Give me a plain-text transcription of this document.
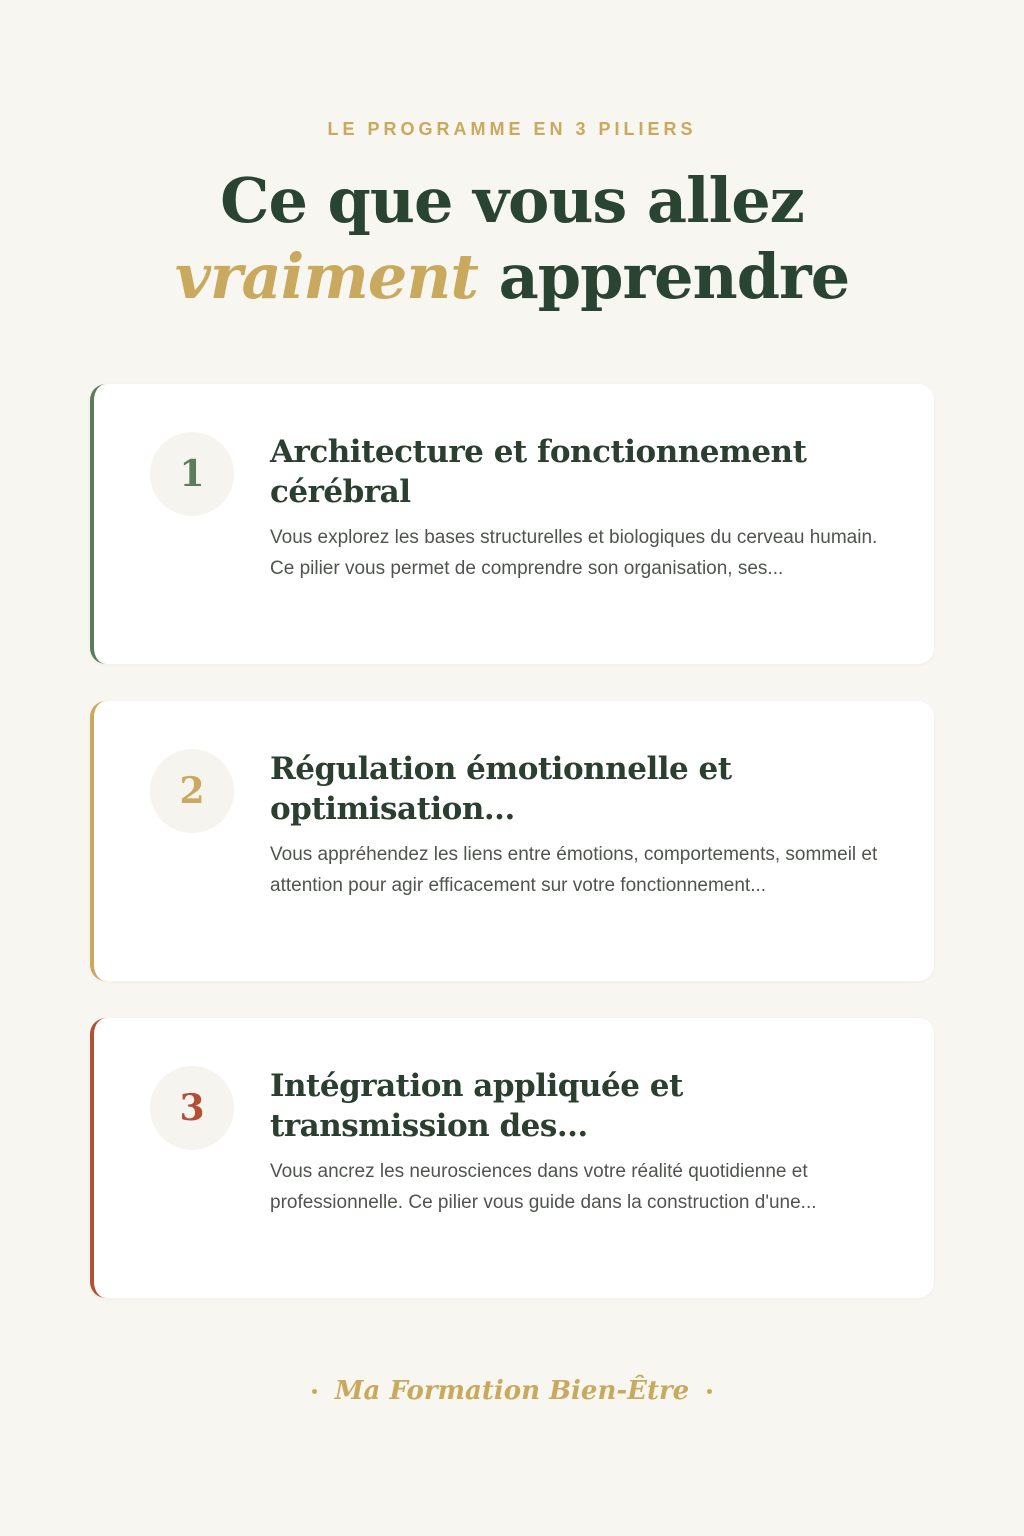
LE PROGRAMME EN 3 PILIERS
Ce que vous allez
vraiment apprendre
1
Architecture et fonctionnement cérébral

Vous explorez les bases structurelles et biologiques du cerveau humain. Ce pilier vous permet de comprendre son organisation, ses...

2
Régulation émotionnelle et optimisation...

Vous appréhendez les liens entre émotions, comportements, sommeil et attention pour agir efficacement sur votre fonctionnement...

3
Intégration appliquée et transmission des...

Vous ancrez les neurosciences dans votre réalité quotidienne et professionnelle. Ce pilier vous guide dans la construction d'une...

Ma Formation Bien-Être
